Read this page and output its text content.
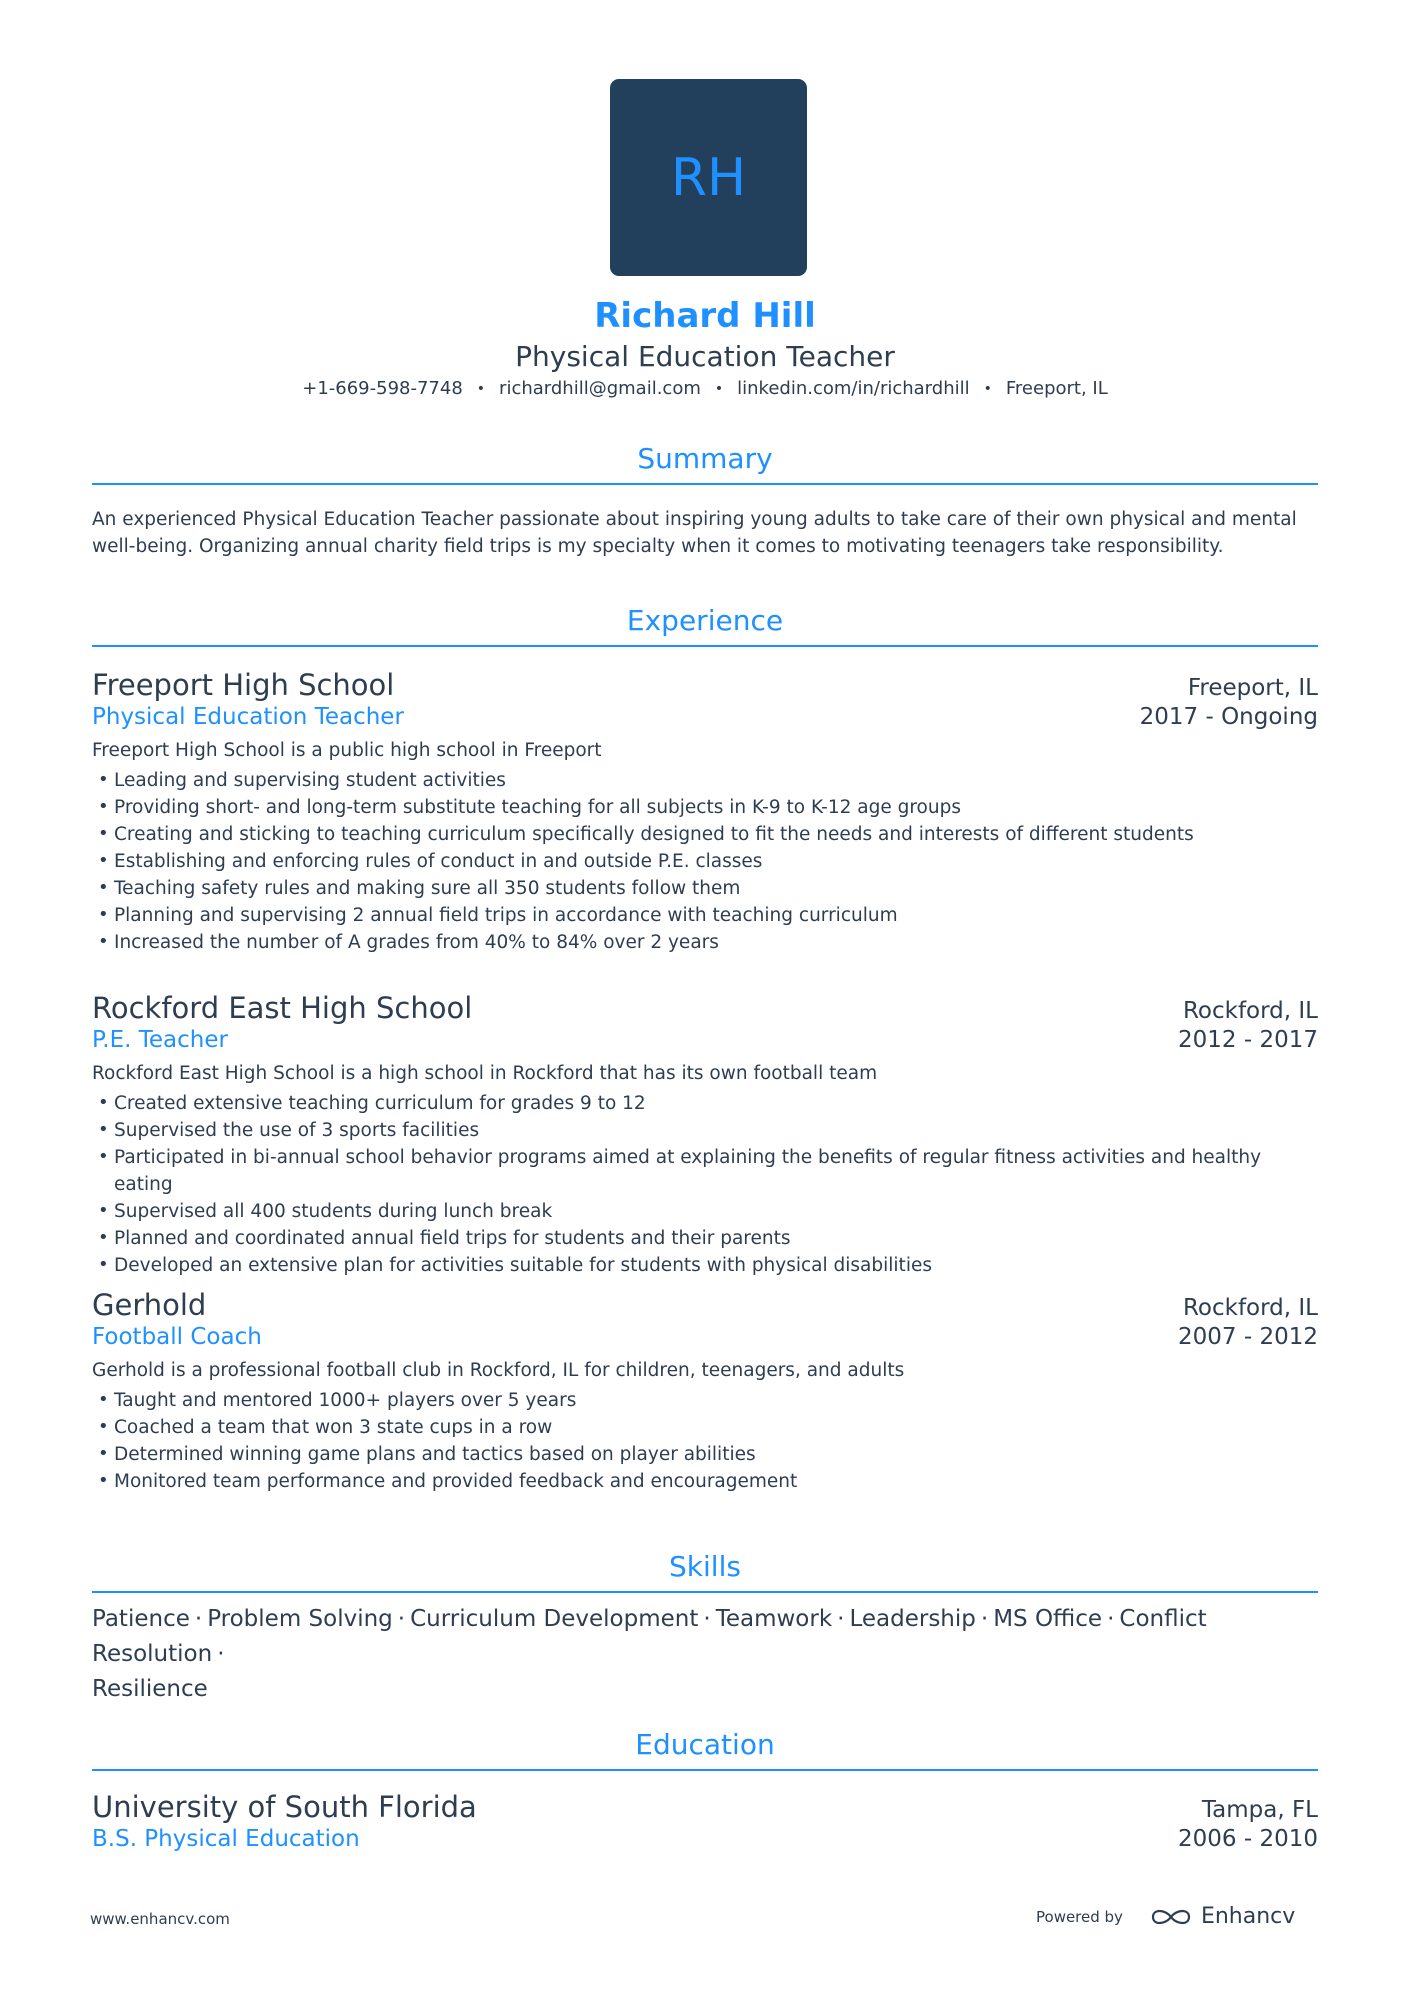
RH
Richard Hill
Physical Education Teacher
+1-669-598-7748 • richardhill@gmail.com • linkedin.com/in/richardhill • Freeport, IL
Summary
An experienced Physical Education Teacher passionate about inspiring young adults to take care of their own physical and mental well-being. Organizing annual charity field trips is my specialty when it comes to motivating teenagers take responsibility.
Experience
Freeport High School	Freeport, IL
Physical Education Teacher	2017 - Ongoing
Freeport High School is a public high school in Freeport
• Leading and supervising student activities
• Providing short- and long-term substitute teaching for all subjects in K-9 to K-12 age groups
• Creating and sticking to teaching curriculum specifically designed to fit the needs and interests of different students
• Establishing and enforcing rules of conduct in and outside P.E. classes
• Teaching safety rules and making sure all 350 students follow them
• Planning and supervising 2 annual field trips in accordance with teaching curriculum
• Increased the number of A grades from 40% to 84% over 2 years
Rockford East High School	Rockford, IL
P.E. Teacher	2012 - 2017
Rockford East High School is a high school in Rockford that has its own football team
• Created extensive teaching curriculum for grades 9 to 12
• Supervised the use of 3 sports facilities
• Participated in bi-annual school behavior programs aimed at explaining the benefits of regular fitness activities and healthy eating
• Supervised all 400 students during lunch break
• Planned and coordinated annual field trips for students and their parents
• Developed an extensive plan for activities suitable for students with physical disabilities
Gerhold	Rockford, IL
Football Coach	2007 - 2012
Gerhold is a professional football club in Rockford, IL for children, teenagers, and adults
• Taught and mentored 1000+ players over 5 years
• Coached a team that won 3 state cups in a row
• Determined winning game plans and tactics based on player abilities
• Monitored team performance and provided feedback and encouragement
Skills
Patience · Problem Solving · Curriculum Development · Teamwork · Leadership · MS Office · Conflict Resolution ·
Resilience
Education
University of South Florida	Tampa, FL
B.S. Physical Education	2006 - 2010
www.enhancv.com	Powered by	Enhancv
